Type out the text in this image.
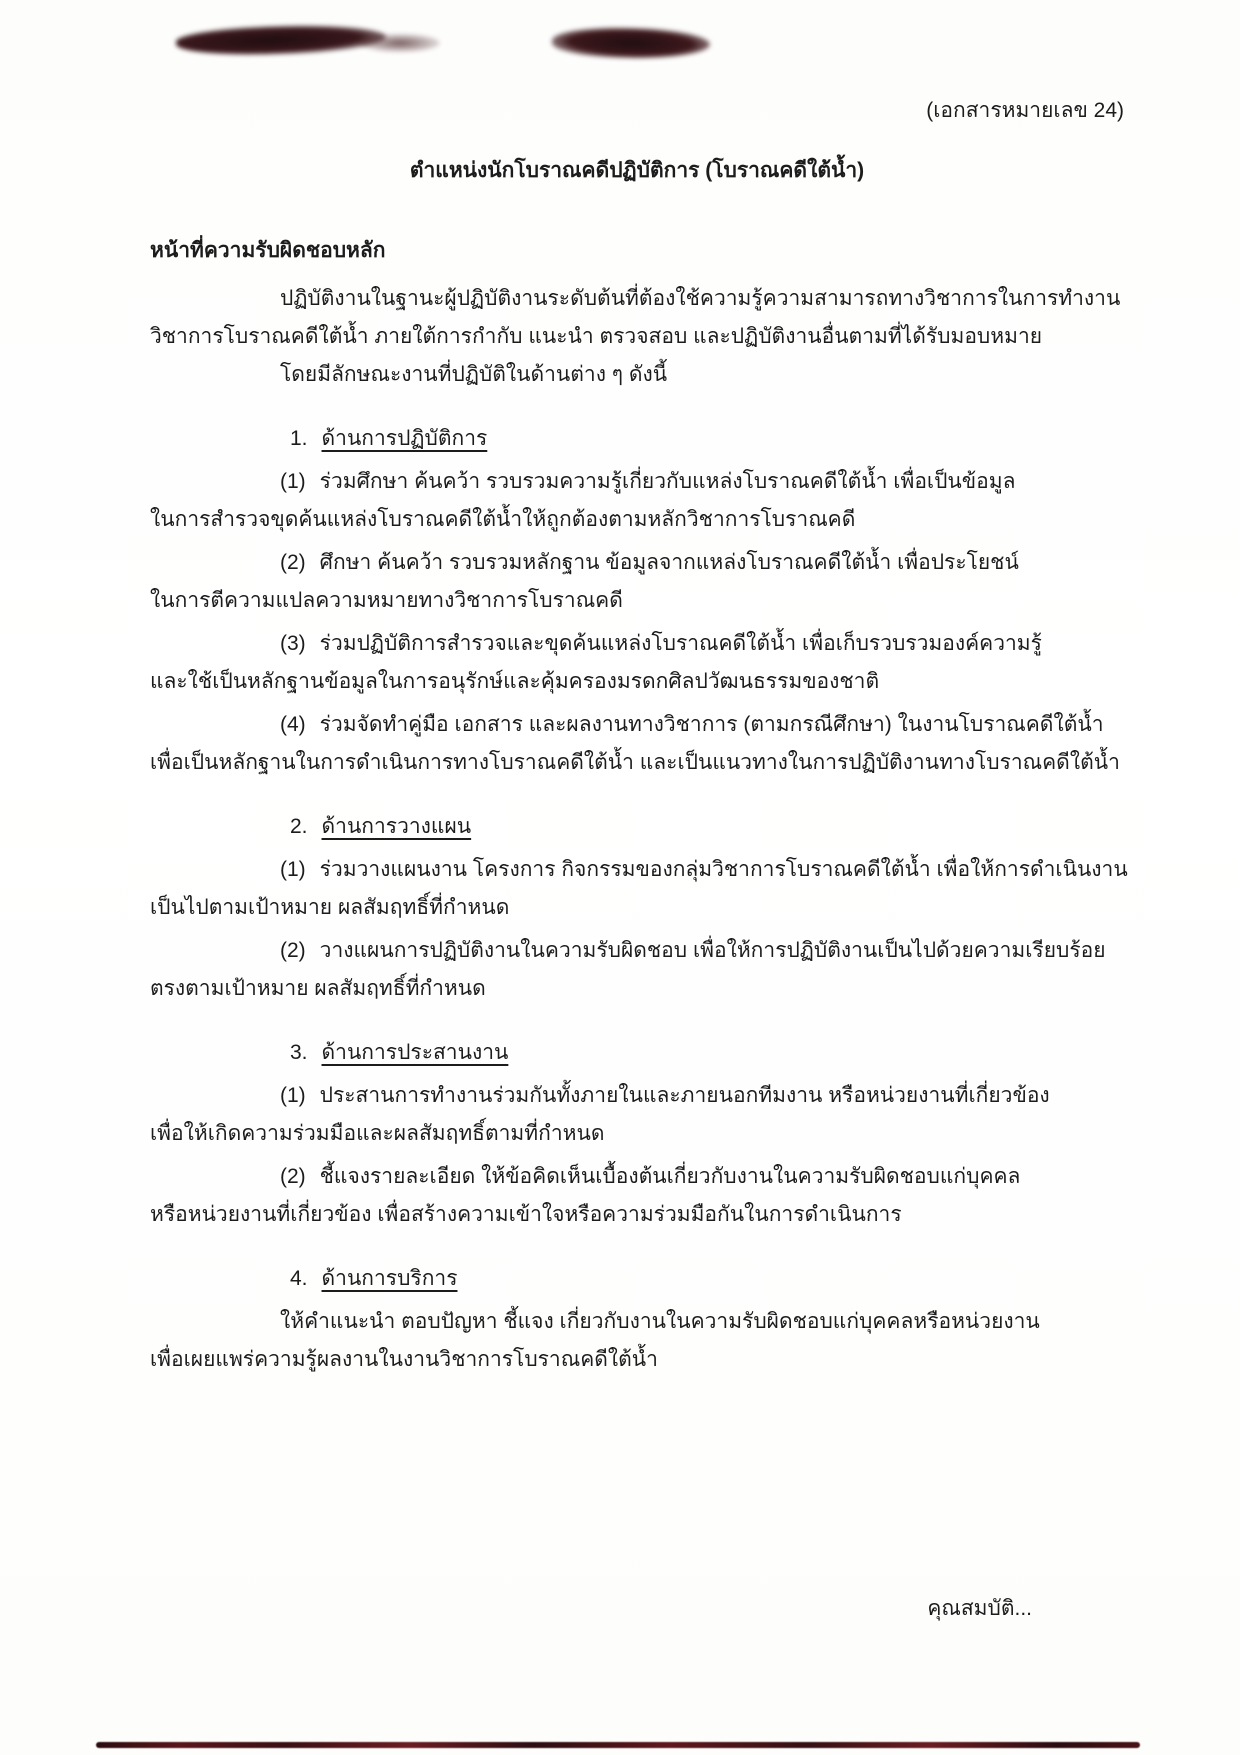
(เอกสารหมายเลข 24)
ตำแหน่งนักโบราณคดีปฏิบัติการ (โบราณคดีใต้น้ำ)
หน้าที่ความรับผิดชอบหลัก
ปฏิบัติงานในฐานะผู้ปฏิบัติงานระดับต้นที่ต้องใช้ความรู้ความสามารถทางวิชาการในการทำงาน
วิชาการโบราณคดีใต้น้ำ ภายใต้การกำกับ แนะนำ ตรวจสอบ และปฏิบัติงานอื่นตามที่ได้รับมอบหมาย
โดยมีลักษณะงานที่ปฏิบัติในด้านต่าง ๆ ดังนี้
1. ด้านการปฏิบัติการ
(1) ร่วมศึกษา ค้นคว้า รวบรวมความรู้เกี่ยวกับแหล่งโบราณคดีใต้น้ำ เพื่อเป็นข้อมูล
ในการสำรวจขุดค้นแหล่งโบราณคดีใต้น้ำให้ถูกต้องตามหลักวิชาการโบราณคดี
(2) ศึกษา ค้นคว้า รวบรวมหลักฐาน ข้อมูลจากแหล่งโบราณคดีใต้น้ำ เพื่อประโยชน์
ในการตีความแปลความหมายทางวิชาการโบราณคดี
(3) ร่วมปฏิบัติการสำรวจและขุดค้นแหล่งโบราณคดีใต้น้ำ เพื่อเก็บรวบรวมองค์ความรู้
และใช้เป็นหลักฐานข้อมูลในการอนุรักษ์และคุ้มครองมรดกศิลปวัฒนธรรมของชาติ
(4) ร่วมจัดทำคู่มือ เอกสาร และผลงานทางวิชาการ (ตามกรณีศึกษา) ในงานโบราณคดีใต้น้ำ
เพื่อเป็นหลักฐานในการดำเนินการทางโบราณคดีใต้น้ำ และเป็นแนวทางในการปฏิบัติงานทางโบราณคดีใต้น้ำ
2. ด้านการวางแผน
(1) ร่วมวางแผนงาน โครงการ กิจกรรมของกลุ่มวิชาการโบราณคดีใต้น้ำ เพื่อให้การดำเนินงาน
เป็นไปตามเป้าหมาย ผลสัมฤทธิ์ที่กำหนด
(2) วางแผนการปฏิบัติงานในความรับผิดชอบ เพื่อให้การปฏิบัติงานเป็นไปด้วยความเรียบร้อย
ตรงตามเป้าหมาย ผลสัมฤทธิ์ที่กำหนด
3. ด้านการประสานงาน
(1) ประสานการทำงานร่วมกันทั้งภายในและภายนอกทีมงาน หรือหน่วยงานที่เกี่ยวข้อง
เพื่อให้เกิดความร่วมมือและผลสัมฤทธิ์ตามที่กำหนด
(2) ชี้แจงรายละเอียด ให้ข้อคิดเห็นเบื้องต้นเกี่ยวกับงานในความรับผิดชอบแก่บุคคล
หรือหน่วยงานที่เกี่ยวข้อง เพื่อสร้างความเข้าใจหรือความร่วมมือกันในการดำเนินการ
4. ด้านการบริการ
ให้คำแนะนำ ตอบปัญหา ชี้แจง เกี่ยวกับงานในความรับผิดชอบแก่บุคคลหรือหน่วยงาน
เพื่อเผยแพร่ความรู้ผลงานในงานวิชาการโบราณคดีใต้น้ำ
คุณสมบัติ...
